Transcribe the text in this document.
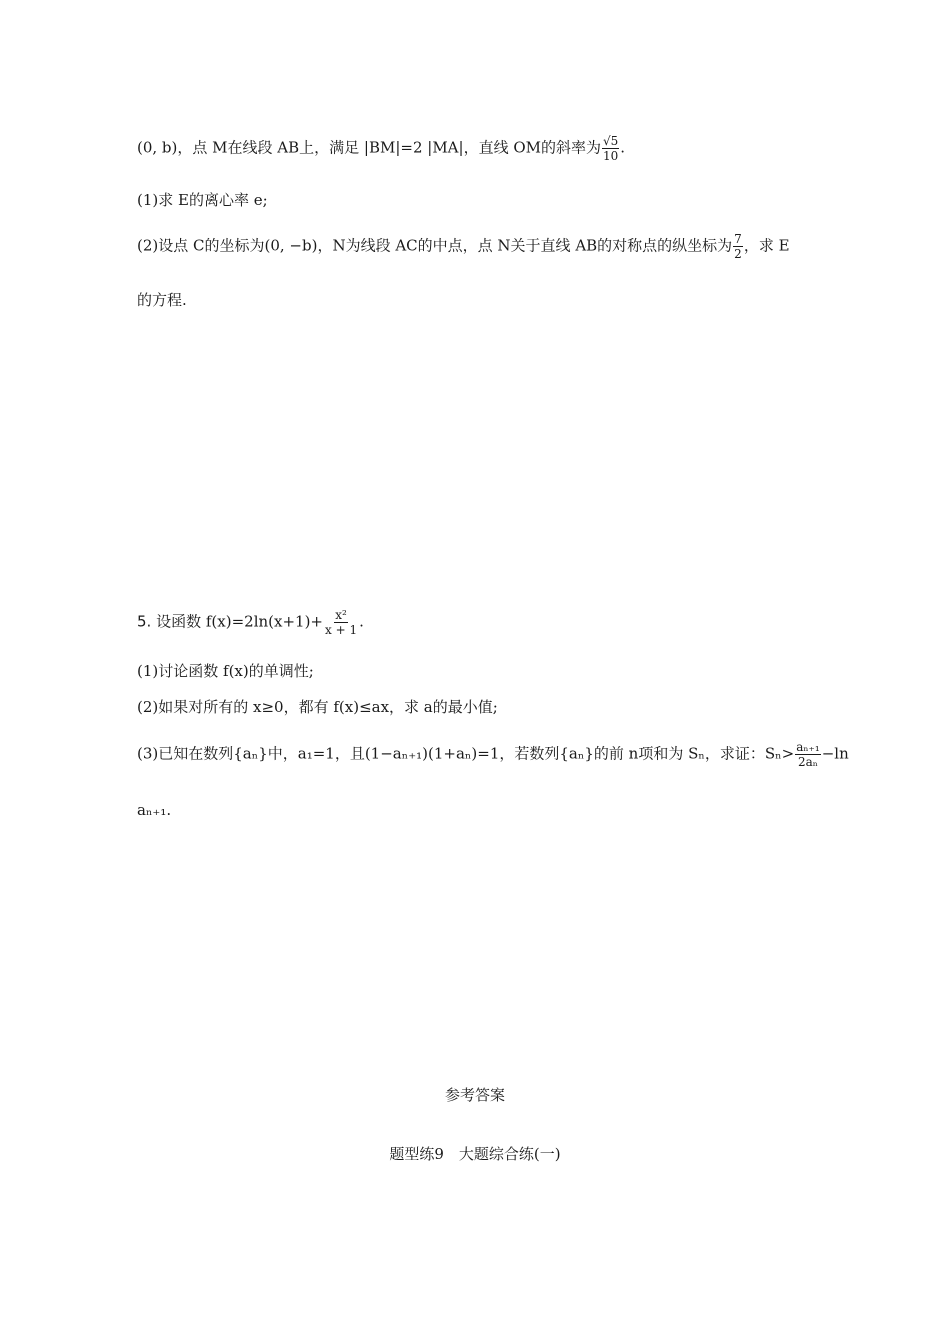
(0, b)，点 M在线段 AB上，满足 |BM|=2 |MA|，直线 OM的斜率为 $\frac{√5}{10}$ .
(1)求 E的离心率 e;
(2)设点 C的坐标为(0, −b)，N为线段 AC的中点，点 N关于直线 AB的对称点的纵坐标为 $\frac{7}{2}$ ，求 E
的方程.
5. 设函数 $f(x)=2\ln(x+1)+ \frac{\text{x²}}{x + 1}$ .
(1)讨论函数 f(x)的单调性;
(2)如果对所有的 x≥0，都有 f(x)≤ax，求 a的最小值;
(3)已知在数列{aₙ}中，a₁=1，且(1−aₙ₊₁)(1+aₙ)=1，若数列{aₙ}的前 n项和为 Sₙ，求证：$S_n> \frac{\text{aₙ₊₁}}{\text{2aₙ}} -\ln$
aₙ₊₁.
参考答案
题型练9　大题综合练(一)
